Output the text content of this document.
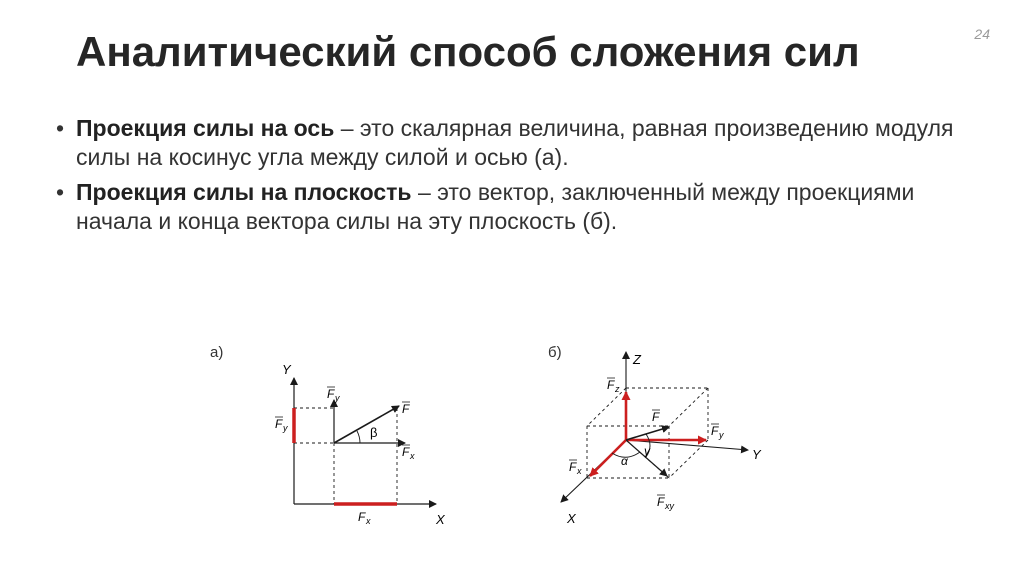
24
Аналитический способ сложения сил
• Проекция силы на ось – это скалярная величина, равная произведению модуля силы на косинус угла между силой и осью (а).
• Проекция силы на плоскость – это вектор, заключенный между проекциями начала и конца вектора силы на эту плоскость (б).
а)
Y
X
F y
F y
F
β
F x
F x
б)	Z
Y
X
F z
F
F y
F x
F xy
α
γ
